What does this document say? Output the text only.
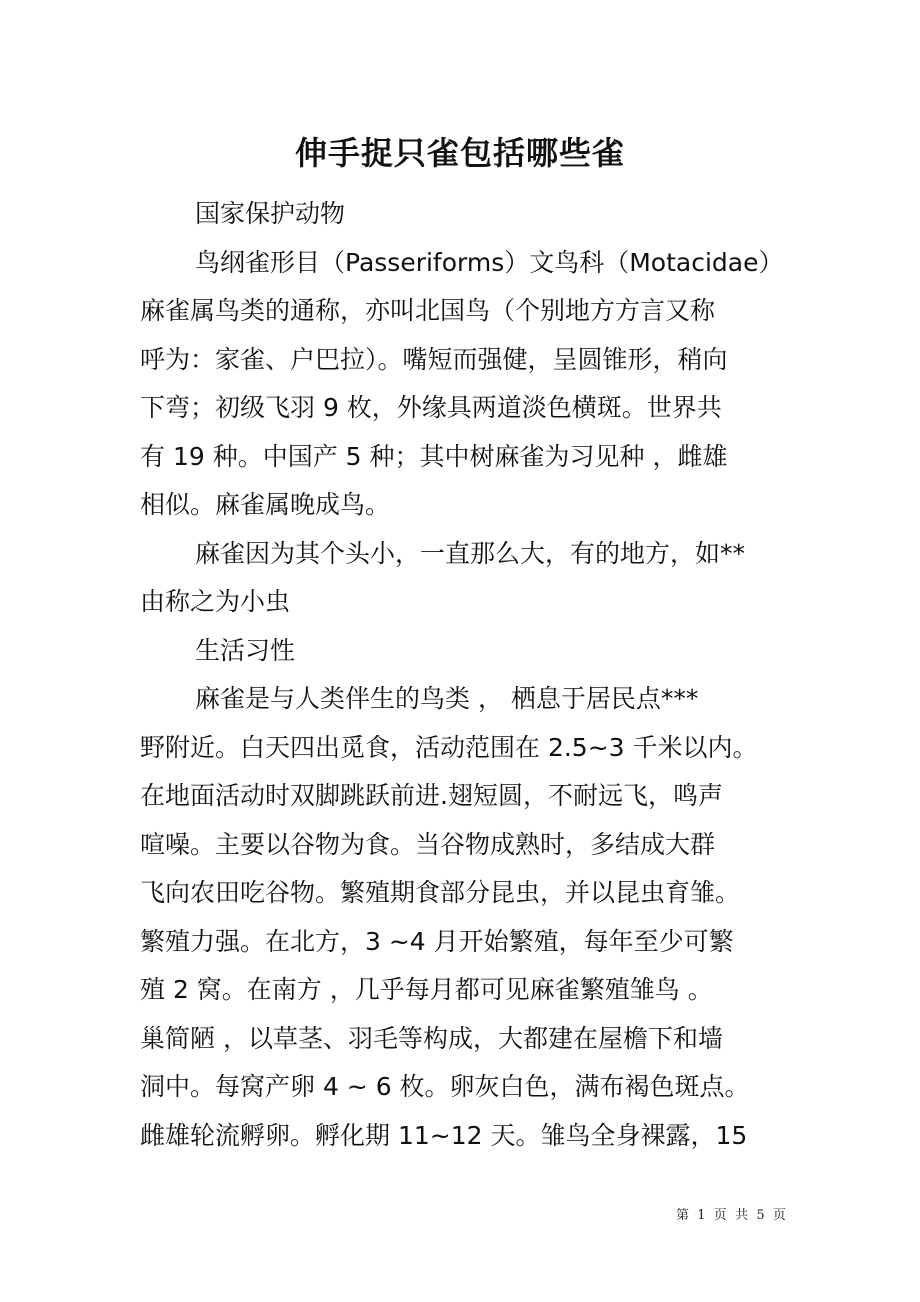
伸手捉只雀包括哪些雀
国家保护动物
鸟纲雀形目（Passeriforms）文鸟科（Motacidae）
麻雀属鸟类的通称，亦叫北国鸟（个别地方方言又称
呼为：家雀、户巴拉）。嘴短而强健，呈圆锥形，稍向
下弯；初级飞羽 9 枚，外缘具两道淡色横斑。世界共
有 19 种。中国产 5 种；其中树麻雀为习见种 ，雌雄
相似。麻雀属晚成鸟。
麻雀因为其个头小，一直那么大，有的地方，如**
由称之为小虫
生活习性
麻雀是与人类伴生的鸟类 ， 栖息于居民点***
野附近。白天四出觅食，活动范围在 2.5~3 千米以内。
在地面活动时双脚跳跃前进.翅短圆，不耐远飞，鸣声
喧噪。主要以谷物为食。当谷物成熟时，多结成大群
飞向农田吃谷物。繁殖期食部分昆虫，并以昆虫育雏。
繁殖力强。在北方，3 ~4 月开始繁殖，每年至少可繁
殖 2 窝。在南方 ，几乎每月都可见麻雀繁殖雏鸟 。
巢简陋 ，以草茎、羽毛等构成，大都建在屋檐下和墙
洞中。每窝产卵 4 ~ 6 枚。卵灰白色，满布褐色斑点。
雌雄轮流孵卵。孵化期 11~12 天。雏鸟全身裸露，15
第  1  页  共  5  页
